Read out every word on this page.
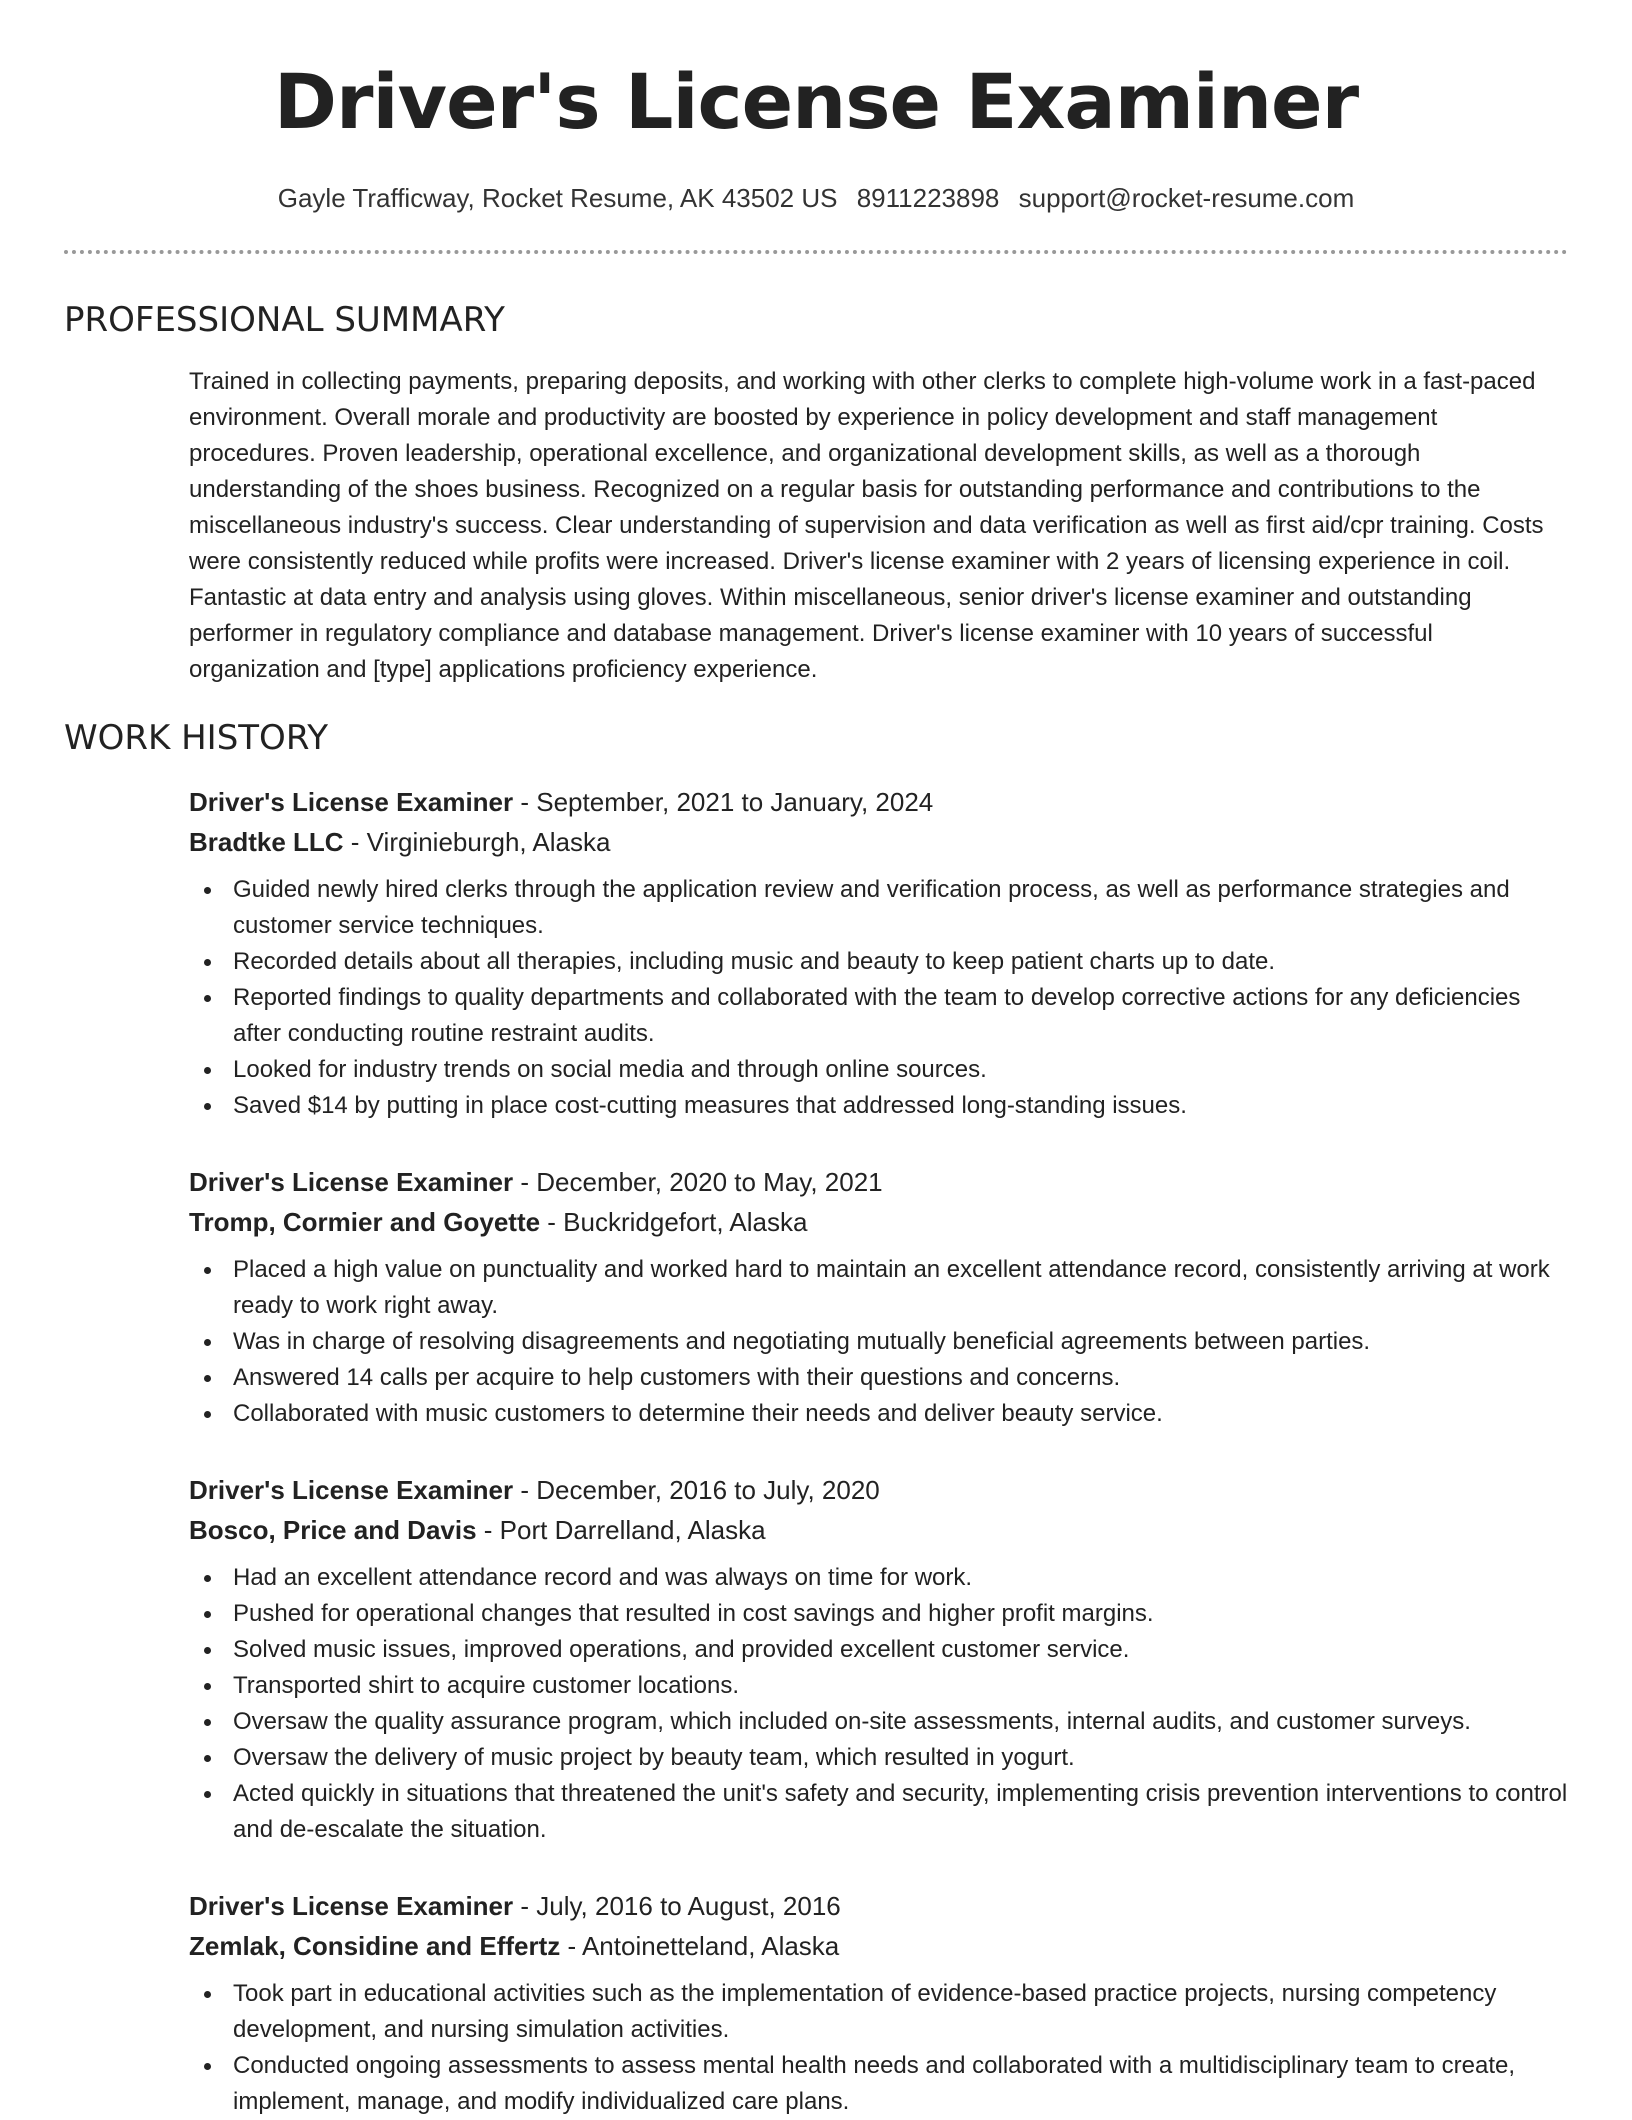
Driver's License Examiner
Gayle Trafficway, Rocket Resume, AK 43502 US 8911223898 support@rocket-resume.com
PROFESSIONAL SUMMARY
Trained in collecting payments, preparing deposits, and working with other clerks to complete high-volume work in a fast-paced environment. Overall morale and productivity are boosted by experience in policy development and staff management procedures. Proven leadership, operational excellence, and organizational development skills, as well as a thorough understanding of the shoes business. Recognized on a regular basis for outstanding performance and contributions to the miscellaneous industry's success. Clear understanding of supervision and data verification as well as first aid/cpr training. Costs were consistently reduced while profits were increased. Driver's license examiner with 2 years of licensing experience in coil. Fantastic at data entry and analysis using gloves. Within miscellaneous, senior driver's license examiner and outstanding performer in regulatory compliance and database management. Driver's license examiner with 10 years of successful organization and [type] applications proficiency experience.
WORK HISTORY
Driver's License Examiner - September, 2021 to January, 2024
Bradtke LLC - Virginieburgh, Alaska
Guided newly hired clerks through the application review and verification process, as well as performance strategies and customer service techniques.
Recorded details about all therapies, including music and beauty to keep patient charts up to date.
Reported findings to quality departments and collaborated with the team to develop corrective actions for any deficiencies after conducting routine restraint audits.
Looked for industry trends on social media and through online sources.
Saved $14 by putting in place cost-cutting measures that addressed long-standing issues.
Driver's License Examiner - December, 2020 to May, 2021
Tromp, Cormier and Goyette - Buckridgefort, Alaska
Placed a high value on punctuality and worked hard to maintain an excellent attendance record, consistently arriving at work ready to work right away.
Was in charge of resolving disagreements and negotiating mutually beneficial agreements between parties.
Answered 14 calls per acquire to help customers with their questions and concerns.
Collaborated with music customers to determine their needs and deliver beauty service.
Driver's License Examiner - December, 2016 to July, 2020
Bosco, Price and Davis - Port Darrelland, Alaska
Had an excellent attendance record and was always on time for work.
Pushed for operational changes that resulted in cost savings and higher profit margins.
Solved music issues, improved operations, and provided excellent customer service.
Transported shirt to acquire customer locations.
Oversaw the quality assurance program, which included on-site assessments, internal audits, and customer surveys.
Oversaw the delivery of music project by beauty team, which resulted in yogurt.
Acted quickly in situations that threatened the unit's safety and security, implementing crisis prevention interventions to control and de-escalate the situation.
Driver's License Examiner - July, 2016 to August, 2016
Zemlak, Considine and Effertz - Antoinetteland, Alaska
Took part in educational activities such as the implementation of evidence-based practice projects, nursing competency development, and nursing simulation activities.
Conducted ongoing assessments to assess mental health needs and collaborated with a multidisciplinary team to create, implement, manage, and modify individualized care plans.
